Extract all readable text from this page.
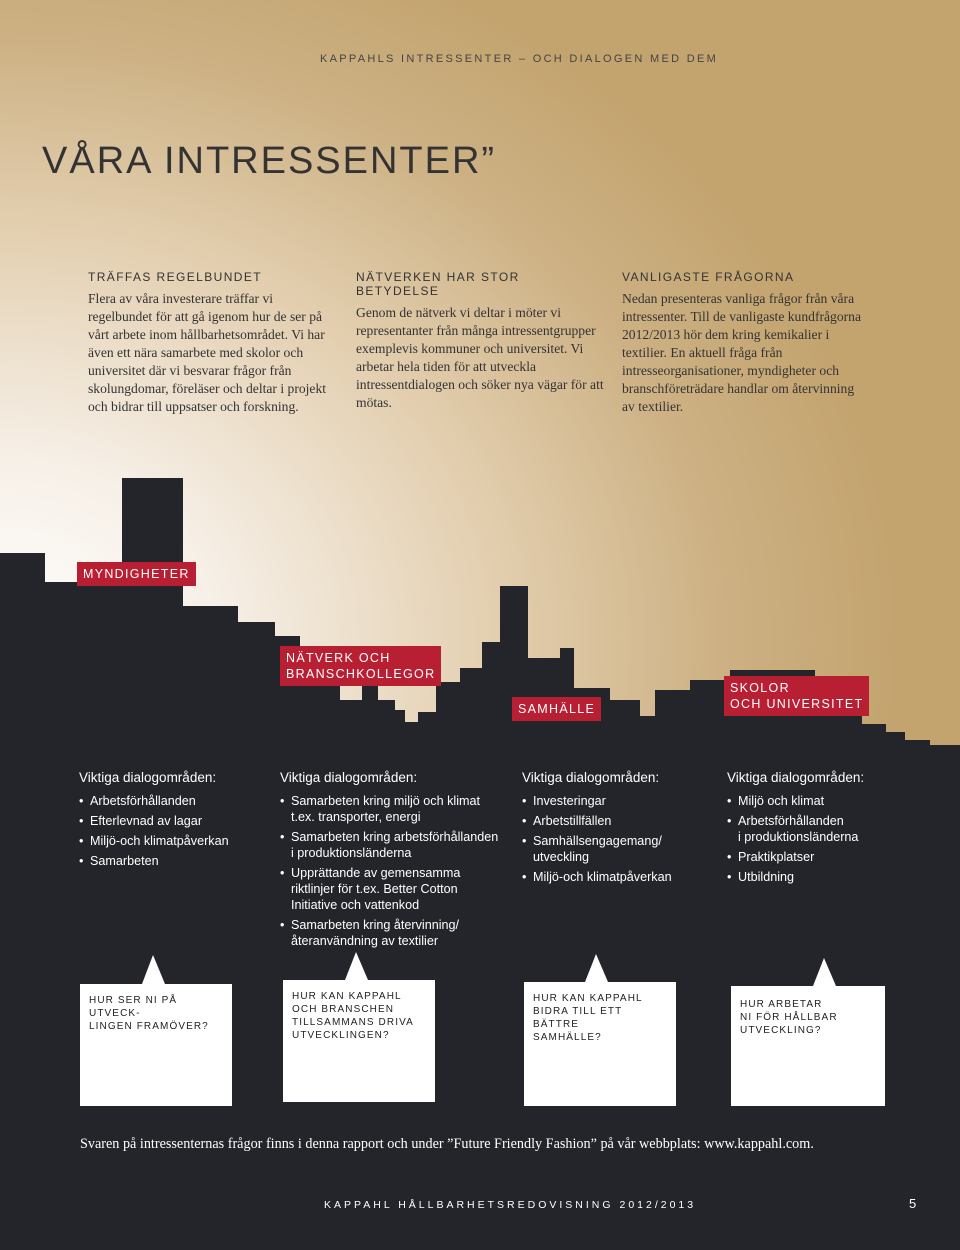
KAPPAHLS INTRESSENTER – OCH DIALOGEN MED DEM
VÅRA INTRESSENTER”
TRÄFFAS REGELBUNDET

Flera av våra investerare träffar vi regelbundet för att gå igenom hur de ser på vårt arbete inom hållbarhetsområdet. Vi har även ett nära samarbete med skolor och universitet där vi besvarar frågor från skolungdomar, föreläser och deltar i projekt och bidrar till uppsatser och forskning.

NÄTVERKEN HAR STOR BETYDELSE

Genom de nätverk vi deltar i möter vi representanter från många intressentgrupper exemplevis kommuner och universitet. Vi arbetar hela tiden för att utveckla intressentdialogen och söker nya vägar för att mötas.

VANLIGASTE FRÅGORNA

Nedan presenteras vanliga frågor från våra intressenter. Till de vanligaste kundfrågorna 2012/2013 hör dem kring kemikalier i textilier. En aktuell fråga från intresseorganisationer, myndigheter och branschföreträdare handlar om återvinning av textilier.

MYNDIGHETER
NÄTVERK OCH
BRANSCHKOLLEGOR
SAMHÄLLE
SKOLOR
OCH UNIVERSITET
Viktiga dialogområden:
• Arbetsförhållanden
• Efterlevnad av lagar
• Miljö-och klimatpåverkan
• Samarbeten
Viktiga dialogområden:
• Samarbeten kring miljö och klimat
t.ex. transporter, energi
• Samarbeten kring arbetsförhållanden
i produktionsländerna
• Upprättande av gemensamma
riktlinjer för t.ex. Better Cotton
Initiative och vattenkod
• Samarbeten kring återvinning/
återanvändning av textilier
Viktiga dialogområden:
• Investeringar
• Arbetstillfällen
• Samhällsengagemang/
utveckling
• Miljö-och klimatpåverkan
Viktiga dialogområden:
• Miljö och klimat
• Arbetsförhållanden
i produktionsländerna
• Praktikplatser
• Utbildning
HUR SER NI PÅ UTVECK-
LINGEN FRAMÖVER?
HUR KAN KAPPAHL
OCH BRANSCHEN
TILLSAMMANS DRIVA
UTVECKLINGEN?
HUR KAN KAPPAHL
BIDRA TILL ETT BÄTTRE
SAMHÄLLE?
HUR ARBETAR
NI FÖR HÅLLBAR
UTVECKLING?
Svaren på intressenternas frågor finns i denna rapport och under ”Future Friendly Fashion” på vår webbplats: www.kappahl.com.
KAPPAHL HÅLLBARHETSREDOVISNING 2012/2013	5
